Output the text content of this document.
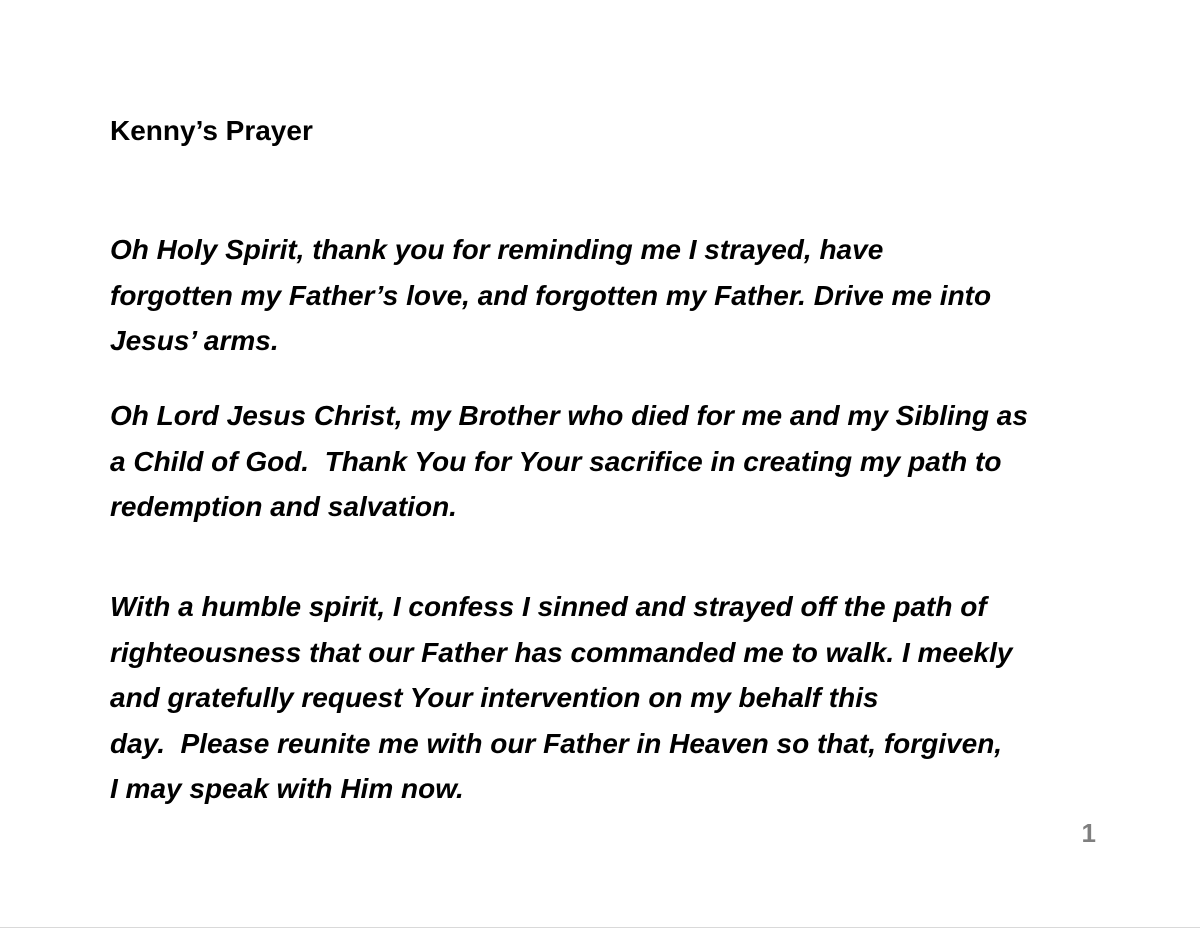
Kenny’s Prayer

Oh Holy Spirit, thank you for reminding me I strayed, have
forgotten my Father’s love, and forgotten my Father. Drive me into
Jesus’ arms.

Oh Lord Jesus Christ, my Brother who died for me and my Sibling as
a Child of God.  Thank You for Your sacrifice in creating my path to
redemption and salvation.

With a humble spirit, I confess I sinned and strayed off the path of
righteousness that our Father has commanded me to walk. I meekly
and gratefully request Your intervention on my behalf this
day.  Please reunite me with our Father in Heaven so that, forgiven,
I may speak with Him now.

1
